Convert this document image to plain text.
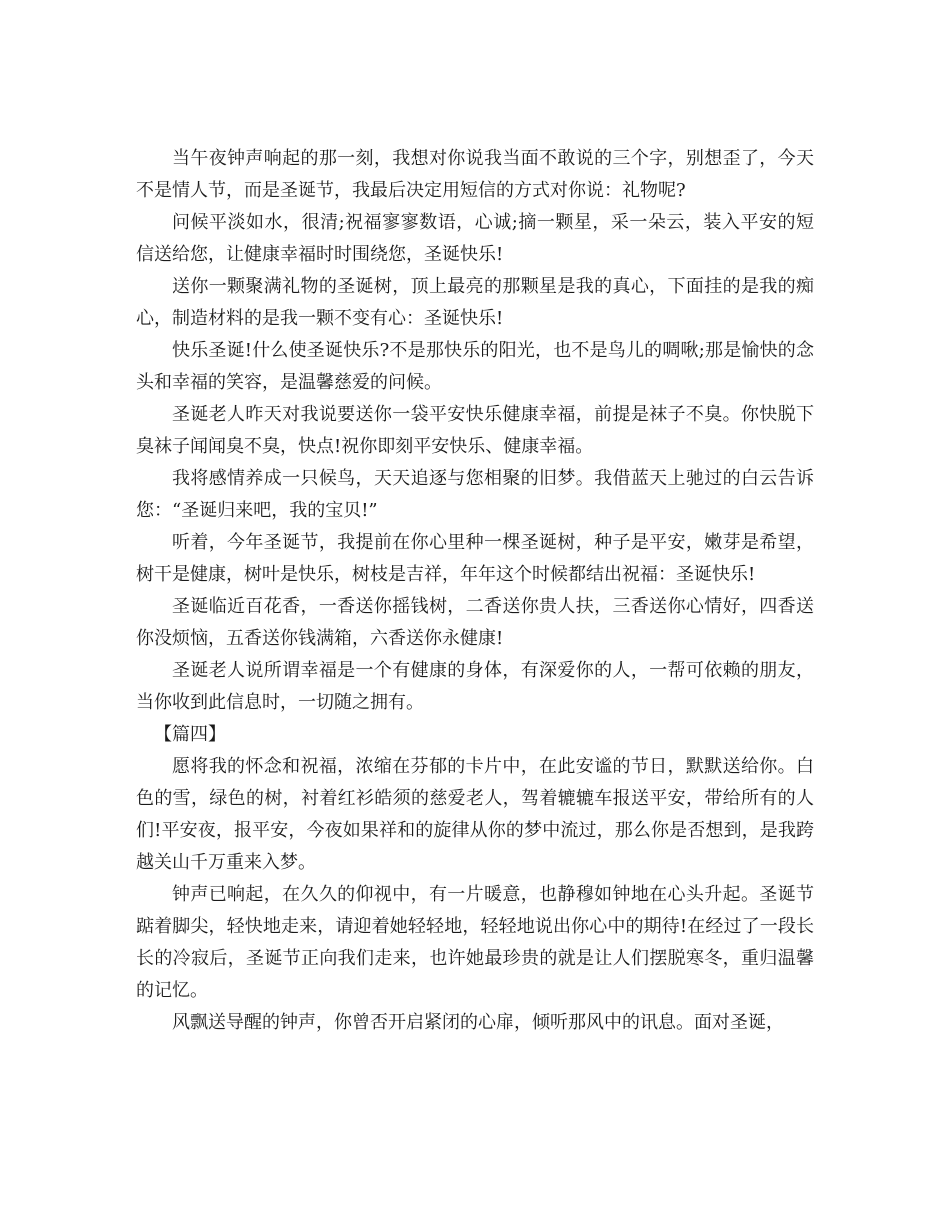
当午夜钟声响起的那一刻，我想对你说我当面不敢说的三个字，别想歪了，今天不是情人节，而是圣诞节，我最后决定用短信的方式对你说：礼物呢?

问候平淡如水，很清;祝福寥寥数语，心诚;摘一颗星，采一朵云，装入平安的短信送给您，让健康幸福时时围绕您，圣诞快乐!

送你一颗聚满礼物的圣诞树，顶上最亮的那颗星是我的真心，下面挂的是我的痴心，制造材料的是我一颗不变有心：圣诞快乐!

快乐圣诞!什么使圣诞快乐?不是那快乐的阳光，也不是鸟儿的啁啾;那是愉快的念头和幸福的笑容，是温馨慈爱的问候。

圣诞老人昨天对我说要送你一袋平安快乐健康幸福，前提是袜子不臭。你快脱下臭袜子闻闻臭不臭，快点!祝你即刻平安快乐、健康幸福。

我将感情养成一只候鸟，天天追逐与您相聚的旧梦。我借蓝天上驰过的白云告诉您：“圣诞归来吧，我的宝贝!”

听着，今年圣诞节，我提前在你心里种一棵圣诞树，种子是平安，嫩芽是希望，树干是健康，树叶是快乐，树枝是吉祥，年年这个时候都结出祝福：圣诞快乐!

圣诞临近百花香，一香送你摇钱树，二香送你贵人扶，三香送你心情好，四香送你没烦恼，五香送你钱满箱，六香送你永健康!

圣诞老人说所谓幸福是一个有健康的身体，有深爱你的人，一帮可依赖的朋友，当你收到此信息时，一切随之拥有。

【篇四】

愿将我的怀念和祝福，浓缩在芬郁的卡片中，在此安谧的节日，默默送给你。白色的雪，绿色的树，衬着红衫皓须的慈爱老人，驾着辘辘车报送平安，带给所有的人们!平安夜，报平安，今夜如果祥和的旋律从你的梦中流过，那么你是否想到，是我跨越关山千万重来入梦。

钟声已响起，在久久的仰视中，有一片暖意，也静穆如钟地在心头升起。圣诞节踮着脚尖，轻快地走来，请迎着她轻轻地，轻轻地说出你心中的期待!在经过了一段长长的冷寂后，圣诞节正向我们走来，也许她最珍贵的就是让人们摆脱寒冬，重归温馨的记忆。

风飘送导醒的钟声，你曾否开启紧闭的心扉，倾听那风中的讯息。面对圣诞，
